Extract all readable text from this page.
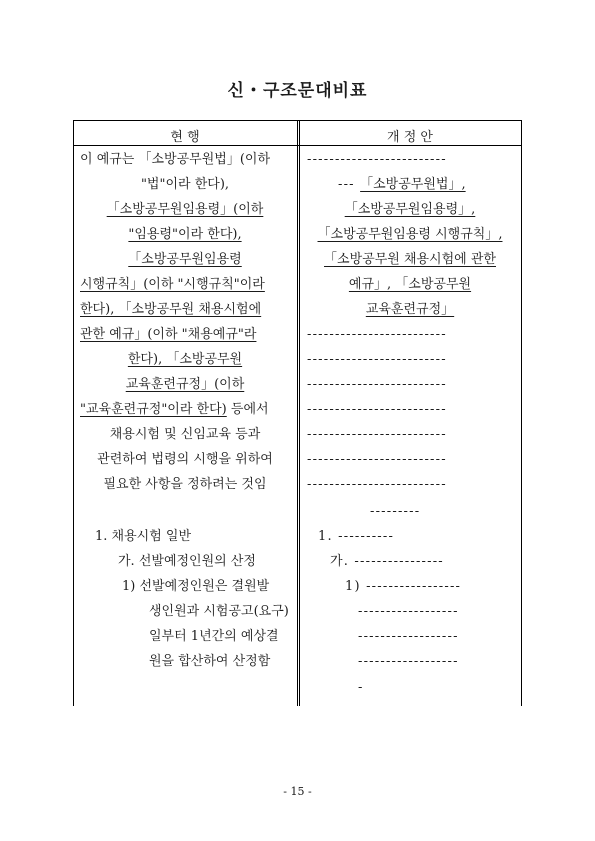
신・구조문대비표
현 행	개 정 안
이 예규는 「소방공무원법」(이하
"법"이라 한다),
「소방공무원임용령」(이하
"임용령"이라 한다),
「소방공무원임용령
시행규칙」(이하 "시행규칙"이라
한다), 「소방공무원 채용시험에
관한 예규」(이하 "채용예규"라
한다), 「소방공무원
교육훈련규정」(이하
"교육훈련규정"이라 한다) 등에서
채용시험 및 신임교육 등과
관련하여 법령의 시행을 위하여
필요한 사항을 정하려는 것임
1. 채용시험 일반
가. 선발예정인원의 산정
1) 선발예정인원은 결원발
생인원과 시험공고(요구)
일부터 1년간의 예상결
원을 합산하여 산정함
-------------------------
--- 「소방공무원법」,
「소방공무원임용령」,
「소방공무원임용령 시행규칙」,
「소방공무원 채용시험에 관한
예규」, 「소방공무원
교육훈련규정」
-------------------------
-------------------------
-------------------------
-------------------------
-------------------------
-------------------------
-------------------------
---------
1. ----------
가. ----------------
1) -----------------
------------------
------------------
------------------
-
- 15 -
